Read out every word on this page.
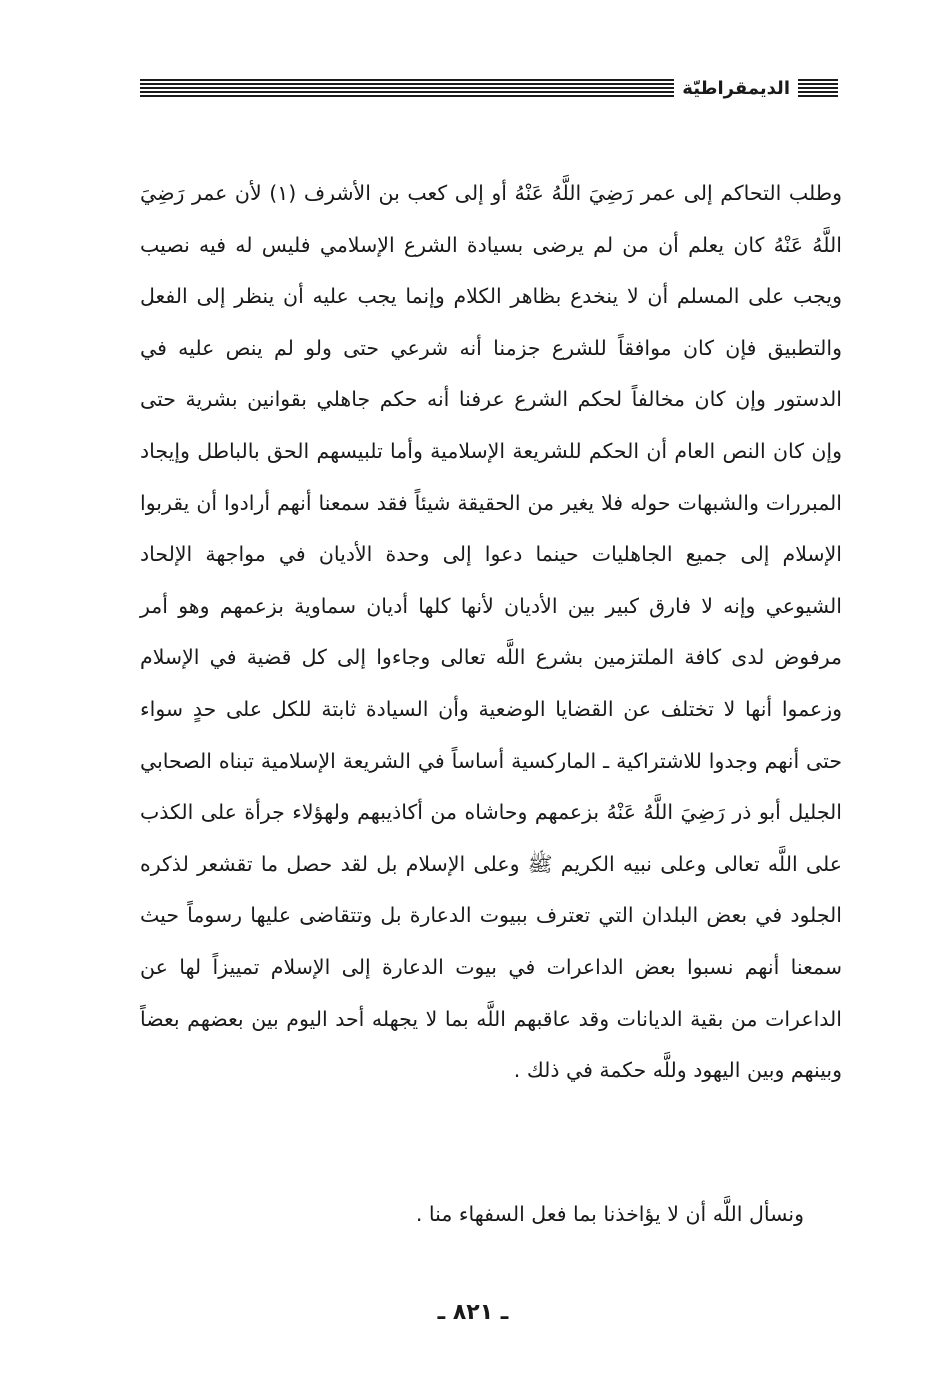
الديمقراطيّة

وطلب التحاكم إلى عمر رَضِيَ اللَّهُ عَنْهُ أو إلى كعب بن الأشرف (١) لأن عمر رَضِيَ اللَّهُ عَنْهُ كان يعلم أن من لم يرضى بسيادة الشرع الإسلامي فليس له فيه نصيب ويجب على المسلم أن لا ينخدع بظاهر الكلام وإنما يجب عليه أن ينظر إلى الفعل والتطبيق فإن كان موافقاً للشرع جزمنا أنه شرعي حتى ولو لم ينص عليه في الدستور وإن كان مخالفاً لحكم الشرع عرفنا أنه حكم جاهلي بقوانين بشرية حتى وإن كان النص العام أن الحكم للشريعة الإسلامية وأما تلبيسهم الحق بالباطل وإيجاد المبررات والشبهات حوله فلا يغير من الحقيقة شيئاً فقد سمعنا أنهم أرادوا أن يقربوا الإسلام إلى جميع الجاهليات حينما دعوا إلى وحدة الأديان في مواجهة الإلحاد الشيوعي وإنه لا فارق كبير بين الأديان لأنها كلها أديان سماوية بزعمهم وهو أمر مرفوض لدى كافة الملتزمين بشرع اللَّه تعالى وجاءوا إلى كل قضية في الإسلام وزعموا أنها لا تختلف عن القضايا الوضعية وأن السيادة ثابتة للكل على حدٍ سواء حتى أنهم وجدوا للاشتراكية ـ الماركسية أساساً في الشريعة الإسلامية تبناه الصحابي الجليل أبو ذر رَضِيَ اللَّهُ عَنْهُ بزعمهم وحاشاه من أكاذيبهم ولهؤلاء جرأة على الكذب على اللَّه تعالى وعلى نبيه الكريم ﷺ وعلى الإسلام بل لقد حصل ما تقشعر لذكره الجلود في بعض البلدان التي تعترف ببيوت الدعارة بل وتتقاضى عليها رسوماً حيث سمعنا أنهم نسبوا بعض الداعرات في بيوت الدعارة إلى الإسلام تمييزاً لها عن الداعرات من بقية الديانات وقد عاقبهم اللَّه بما لا يجهله أحد اليوم بين بعضهم بعضاً وبينهم وبين اليهود وللَّه حكمة في ذلك .

ونسأل اللَّه أن لا يؤاخذنا بما فعل السفهاء منا .
ـ ٨٢١ ـ
